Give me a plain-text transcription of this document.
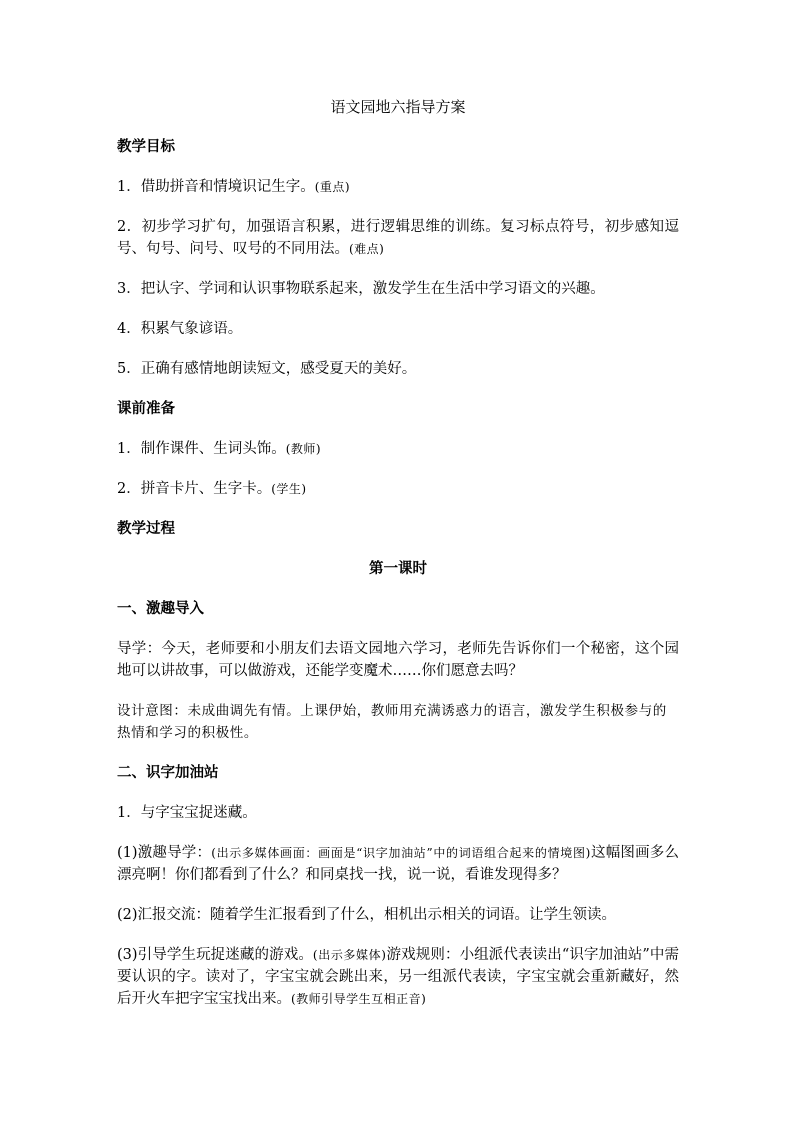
语文园地六指导方案
教学目标
1．借助拼音和情境识记生字。(重点)
2．初步学习扩句，加强语言积累，进行逻辑思维的训练。复习标点符号，初步感知逗号、句号、问号、叹号的不同用法。(难点)
3．把认字、学词和认识事物联系起来，激发学生在生活中学习语文的兴趣。
4．积累气象谚语。
5．正确有感情地朗读短文，感受夏天的美好。
课前准备
1．制作课件、生词头饰。(教师)
2．拼音卡片、生字卡。(学生)
教学过程
第一课时
一、激趣导入
导学：今天，老师要和小朋友们去语文园地六学习，老师先告诉你们一个秘密，这个园地可以讲故事，可以做游戏，还能学变魔术……你们愿意去吗？
设计意图：未成曲调先有情。上课伊始，教师用充满诱惑力的语言，激发学生积极参与的热情和学习的积极性。
二、识字加油站
1．与字宝宝捉迷藏。
(1)激趣导学：(出示多媒体画面：画面是“识字加油站”中的词语组合起来的情境图)这幅图画多么漂亮啊！你们都看到了什么？和同桌找一找，说一说，看谁发现得多？
(2)汇报交流：随着学生汇报看到了什么，相机出示相关的词语。让学生领读。
(3)引导学生玩捉迷藏的游戏。(出示多媒体)游戏规则：小组派代表读出“识字加油站”中需要认识的字。读对了，字宝宝就会跳出来，另一组派代表读，字宝宝就会重新藏好，然后开火车把字宝宝找出来。(教师引导学生互相正音)
